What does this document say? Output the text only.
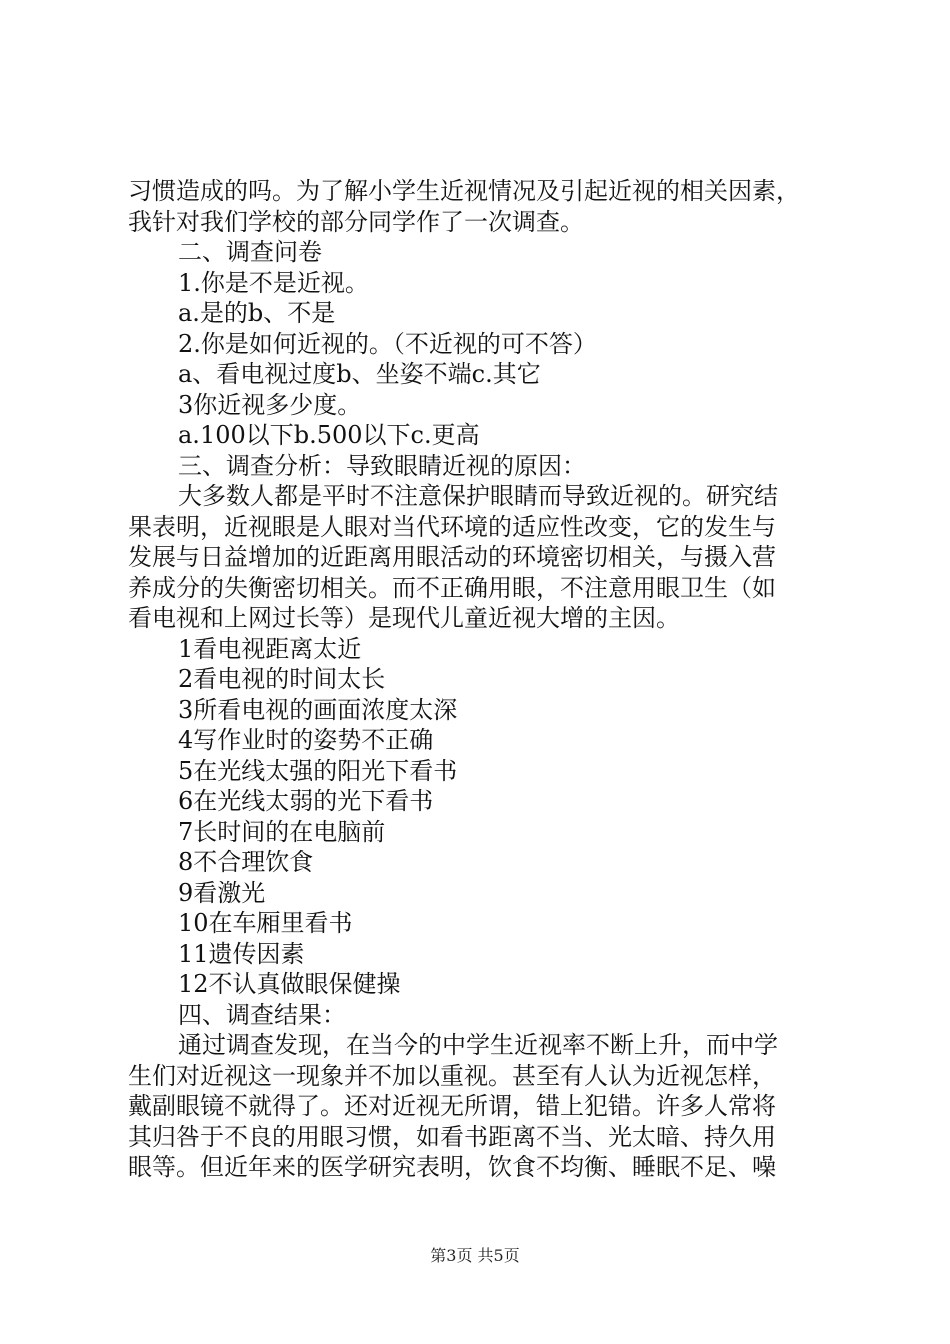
习惯造成的吗。为了解小学生近视情况及引起近视的相关因素，
我针对我们学校的部分同学作了一次调查。
二、调查问卷
1.你是不是近视。
a.是的b、不是
2.你是如何近视的。（不近视的可不答）
a、看电视过度b、坐姿不端c.其它
3你近视多少度。
a.100以下b.500以下c.更高
三、调查分析：导致眼睛近视的原因：
大多数人都是平时不注意保护眼睛而导致近视的。研究结
果表明，近视眼是人眼对当代环境的适应性改变，它的发生与
发展与日益增加的近距离用眼活动的环境密切相关，与摄入营
养成分的失衡密切相关。而不正确用眼，不注意用眼卫生（如
看电视和上网过长等）是现代儿童近视大增的主因。
1看电视距离太近
2看电视的时间太长
3所看电视的画面浓度太深
4写作业时的姿势不正确
5在光线太强的阳光下看书
6在光线太弱的光下看书
7长时间的在电脑前
8不合理饮食
9看激光
10在车厢里看书
11遗传因素
12不认真做眼保健操
四、调查结果：
通过调查发现，在当今的中学生近视率不断上升，而中学
生们对近视这一现象并不加以重视。甚至有人认为近视怎样，
戴副眼镜不就得了。还对近视无所谓，错上犯错。许多人常将
其归咎于不良的用眼习惯，如看书距离不当、光太暗、持久用
眼等。但近年来的医学研究表明，饮食不均衡、睡眠不足、噪
第3页 共5页
